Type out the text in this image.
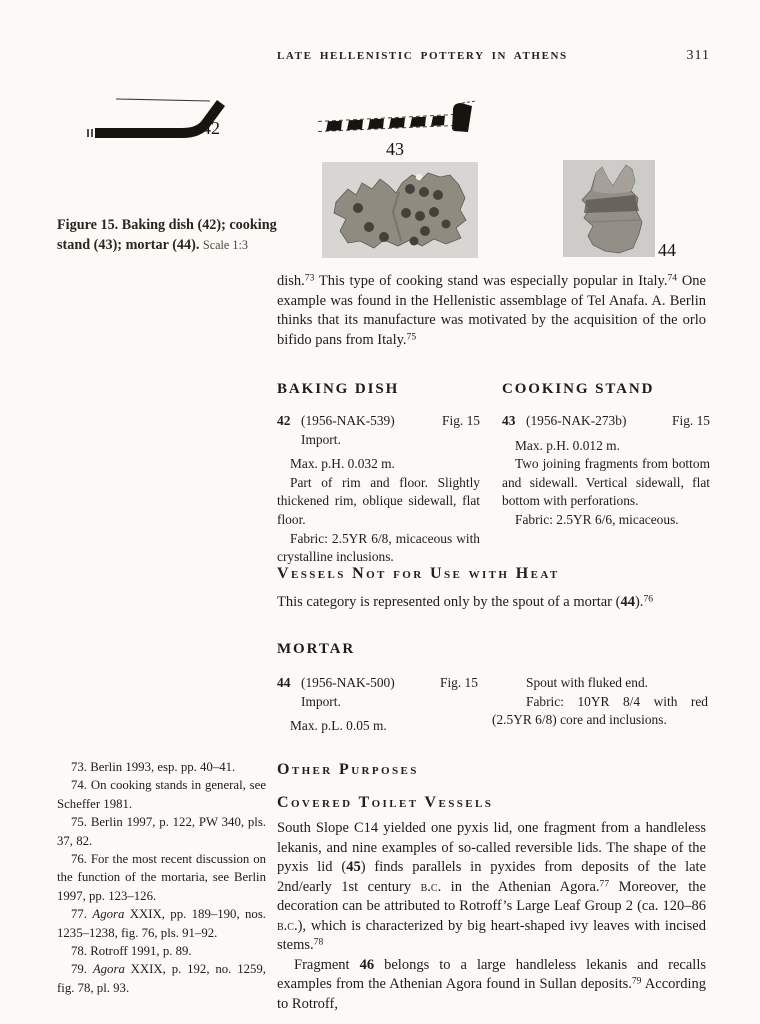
LATE HELLENISTIC POTTERY IN ATHENS	311
42
43
44
Figure 15. Baking dish (42); cooking stand (43); mortar (44). Scale 1:3

dish.$^{73}$ This type of cooking stand was especially popular in Italy.$^{74}$ One example was found in the Hellenistic assemblage of Tel Anafa. A. Berlin thinks that its manufacture was motivated by the acquisition of the orlo bifido pans from Italy.$^{75}$

BAKING DISH
42 (1956-NAK-539)	Fig. 15
Import.

Max. p.H. 0.032 m.

Part of rim and floor. Slightly thickened rim, oblique sidewall, flat floor.

Fabric: 2.5YR 6/8, micaceous with crystalline inclusions.

COOKING STAND
43 (1956-NAK-273b)	Fig. 15

Max. p.H. 0.012 m.

Two joining fragments from bottom and sidewall. Vertical sidewall, flat bottom with perforations.

Fabric: 2.5YR 6/6, micaceous.

Vessels Not for Use with Heat

This category is represented only by the spout of a mortar (44).$^{76}$

MORTAR
44 (1956-NAK-500)
Import.

Max. p.L. 0.05 m.

Fig. 15	Spout with fluked end.

Fabric: 10YR 8/4 with red (2.5YR 6/8) core and inclusions.

Other Purposes
Covered Toilet Vessels

South Slope C14 yielded one pyxis lid, one fragment from a handleless lekanis, and nine examples of so-called reversible lids. The shape of the pyxis lid (45) finds parallels in pyxides from deposits of the late 2nd/early 1st century b.c. in the Athenian Agora.$^{77}$ Moreover, the decoration can be attributed to Rotroff’s Large Leaf Group 2 (ca. 120–86 b.c.), which is characterized by big heart-shaped ivy leaves with incised stems.$^{78}$

Fragment 46 belongs to a large handleless lekanis and recalls examples from the Athenian Agora found in Sullan deposits.$^{79}$ According to Rotroff,

73. Berlin 1993, esp. pp. 40–41.

74. On cooking stands in general, see Scheffer 1981.

75. Berlin 1997, p. 122, PW 340, pls. 37, 82.

76. For the most recent discussion on the function of the mortaria, see Berlin 1997, pp. 123–126.

77. Agora XXIX, pp. 189–190, nos. 1235–1238, fig. 76, pls. 91–92.

78. Rotroff 1991, p. 89.

79. Agora XXIX, p. 192, no. 1259, fig. 78, pl. 93.
